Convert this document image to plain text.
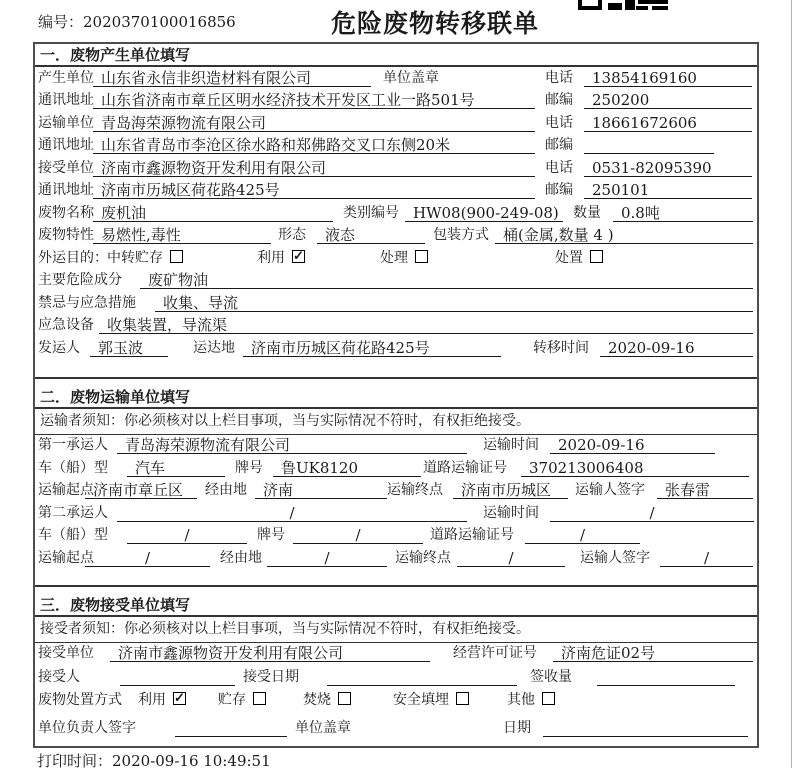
编号：2020370100016856	危险废物转移联单
一．废物产生单位填写
产生单位 山东省永信非织造材料有限公司	单位盖章	电话	13854169160
通讯地址 山东省济南市章丘区明水经济技术开发区工业一路501号	邮编	250200
运输单位 青岛海荣源物流有限公司	电话	18661672606
通讯地址 山东省青岛市李沧区徐水路和郑佛路交叉口东侧20米	邮编
接受单位 济南市鑫源物资开发利用有限公司	电话	0531-82095390
通讯地址 济南市历城区荷花路425号	邮编	250101
废物名称 废机油	类别编号 HW08(900-249-08)	数量	0.8吨
废物特性 易燃性,毒性	形态	液态	包装方式 桶(金属,数量 4 )
外运目的： 中转贮存	利用 ✓	处理	处置
主要危险成分	废矿物油
禁忌与应急措施	收集、导流
应急设备 收集装置，导流渠
发运人	郭玉波	运达地	济南市历城区荷花路425号	转移时间	2020-09-16
二．废物运输单位填写
运输者须知：你必须核对以上栏目事项，当与实际情况不符时，有权拒绝接受。
第一承运人	青岛海荣源物流有限公司	运输时间	2020-09-16
车（船）型	汽车	牌号	鲁UK8120	道路运输证号	370213006408
运输起点 济南市章丘区	经由地	济南	运输终点	济南市历城区	运输人签字	张春雷
第二承运人	/	运输时间	/
车（船）型	/	牌号	/	道路运输证号	/
运输起点	/	经由地	/	运输终点	/	运输人签字	/
三．废物接受单位填写
接受者须知：你必须核对以上栏目事项，当与实际情况不符时，有权拒绝接受。
接受单位	济南市鑫源物资开发利用有限公司	经营许可证号	济南危证02号
接受人	接受日期	签收量
废物处置方式 利用 ✓	贮存	焚烧	安全填埋	其他
单位负责人签字	单位盖章	日期
打印时间：2020-09-16 10:49:51
